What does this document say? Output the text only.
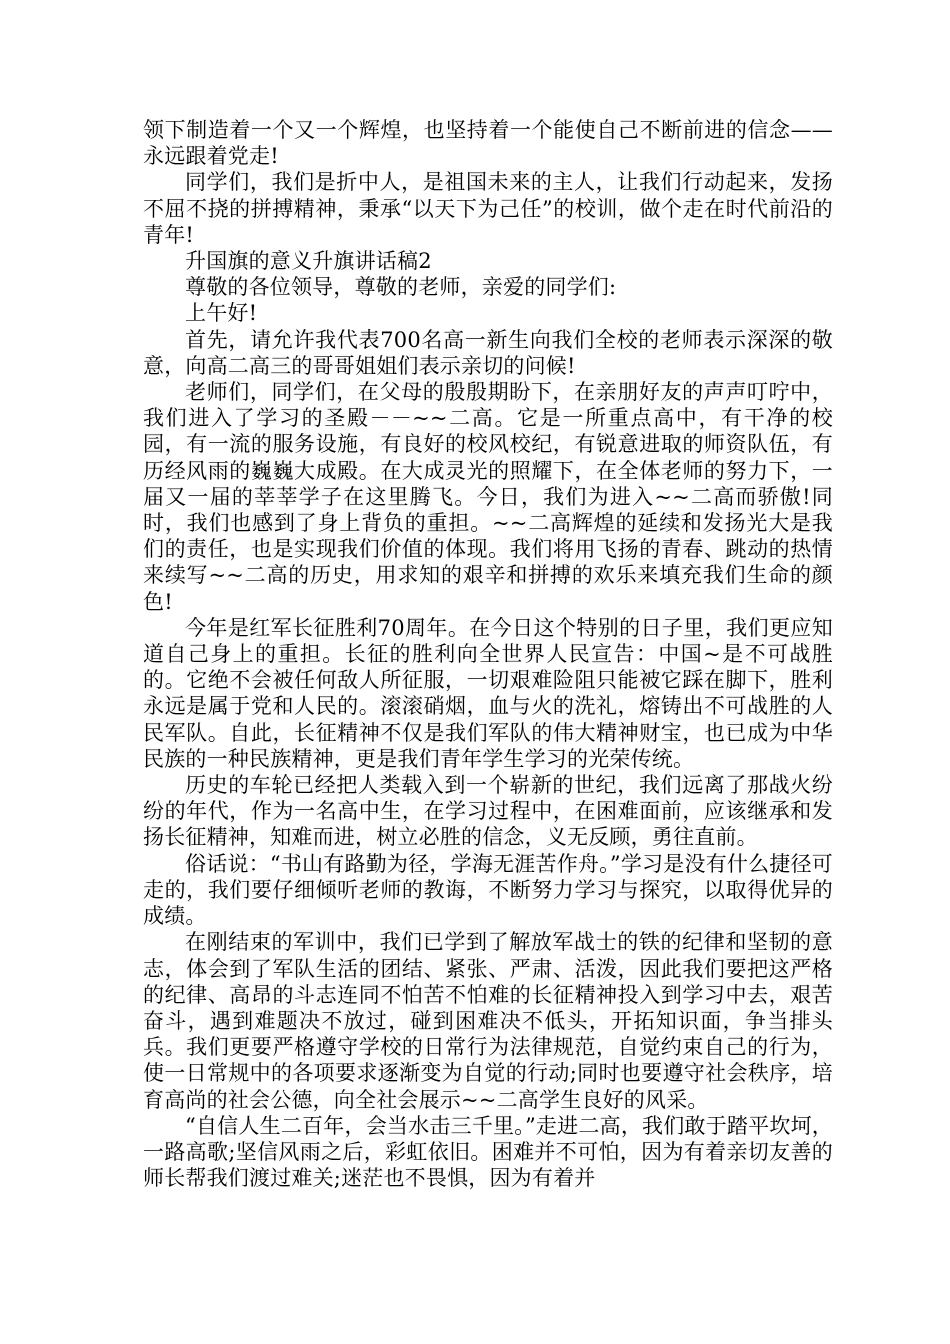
领下制造着一个又一个辉煌，也坚持着一个能使自己不断前进的信念——永远跟着党走!

同学们，我们是折中人，是祖国未来的主人，让我们行动起来，发扬不屈不挠的拼搏精神，秉承“以天下为己任”的校训，做个走在时代前沿的青年!

升国旗的意义升旗讲话稿2

尊敬的各位领导，尊敬的老师，亲爱的同学们:

上午好!

首先，请允许我代表700名高一新生向我们全校的老师表示深深的敬意，向高二高三的哥哥姐姐们表示亲切的问候!

老师们，同学们，在父母的殷殷期盼下，在亲朋好友的声声叮咛中，我们进入了学习的圣殿－－~~二高。它是一所重点高中，有干净的校园，有一流的服务设施，有良好的校风校纪，有锐意进取的师资队伍，有历经风雨的巍巍大成殿。在大成灵光的照耀下，在全体老师的努力下，一届又一届的莘莘学子在这里腾飞。今日，我们为进入~~二高而骄傲!同时，我们也感到了身上背负的重担。~~二高辉煌的延续和发扬光大是我们的责任，也是实现我们价值的体现。我们将用飞扬的青春、跳动的热情来续写~~二高的历史，用求知的艰辛和拼搏的欢乐来填充我们生命的颜色!

今年是红军长征胜利70周年。在今日这个特别的日子里，我们更应知道自己身上的重担。长征的胜利向全世界人民宣告：中国~是不可战胜的。它绝不会被任何敌人所征服，一切艰难险阻只能被它踩在脚下，胜利永远是属于党和人民的。滚滚硝烟，血与火的洗礼，熔铸出不可战胜的人民军队。自此，长征精神不仅是我们军队的伟大精神财宝，也已成为中华民族的一种民族精神，更是我们青年学生学习的光荣传统。

历史的车轮已经把人类载入到一个崭新的世纪，我们远离了那战火纷纷的年代，作为一名高中生，在学习过程中，在困难面前，应该继承和发扬长征精神，知难而进，树立必胜的信念，义无反顾，勇往直前。

俗话说：“书山有路勤为径，学海无涯苦作舟。”学习是没有什么捷径可走的，我们要仔细倾听老师的教诲，不断努力学习与探究，以取得优异的成绩。

在刚结束的军训中，我们已学到了解放军战士的铁的纪律和坚韧的意志，体会到了军队生活的团结、紧张、严肃、活泼，因此我们要把这严格的纪律、高昂的斗志连同不怕苦不怕难的长征精神投入到学习中去，艰苦奋斗，遇到难题决不放过，碰到困难决不低头，开拓知识面，争当排头兵。我们更要严格遵守学校的日常行为法律规范，自觉约束自己的行为，使一日常规中的各项要求逐渐变为自觉的行动;同时也要遵守社会秩序，培育高尚的社会公德，向全社会展示~~二高学生良好的风采。

“自信人生二百年，会当水击三千里。”走进二高，我们敢于踏平坎坷，一路高歌;坚信风雨之后，彩虹依旧。困难并不可怕，因为有着亲切友善的师长帮我们渡过难关;迷茫也不畏惧，因为有着并
